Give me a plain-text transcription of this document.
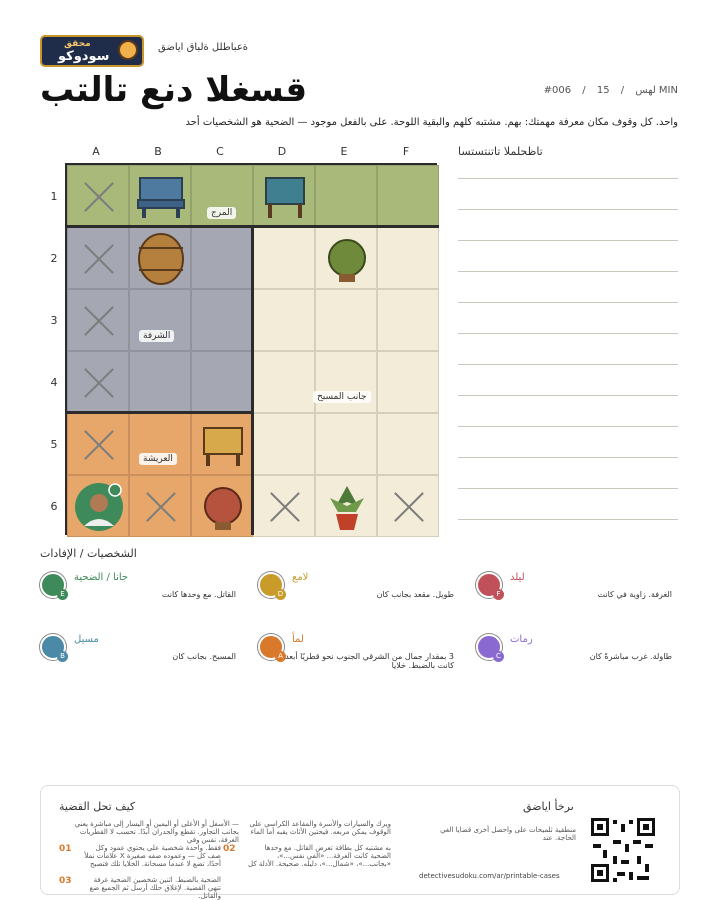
محقق
سودوكو
ةعباطلل ةلباق اياضق
قسغلا دنع تالتب	#006 /	لهس / 15 MIN
واحد. كل وقوف مكان معرفة مهمتك: بهم. مشتبه كلهم والبقية اللوحة. على بالفعل موجود — الضحية هو الشخصيات أحد
A	B	C	D	E	F
1
2
3
4
5
6
المرج
الشرفة
جانب المسبح
العريشة
تاظحلملا تاتنتستسا
الشخصيات / الإفادات
E
جانا / الضحية
القاتل. مع وحدها كانت	D
لامع
طويل. مقعد بجانب كان	F
ليلد
الغرفة. زاوية في كانت
B
مسيل
المسبح. بجانب كان	A
لمأ
3 بمقدار جمال من الشرقي الجنوب نحو قطريًا أبعد كانت بالضبط. خلايا
C
رمات
طاولة. غرب مباشرةً كان
كيف تحل القضية
— الأسفل أو الأعلى أو اليمين أو اليسار إلى مباشرة يعني بجانب التجاور. تقطع والجدران أبدًا. تحسب لا القطريات الغرفة، نفس وفي
ويرك والسيارات والأسرة والمقاعد الكراسي على الوقوف يمكن مربعه. فيحتين الأثاث يقبه أما الماء
01	فقط. واحدة شخصية على يحتوي عمود وكل صف كل — وعموده صفه صغيرة X علامات نملأ أحدًا، تضع لا عندما مسحانة. الخلايا تلك فتصبح
02	به مشتبه كل بطاقة تعرض القاتل. مع وحدها الضحية كانت الغرفة... «الفي نفس...»، «بجانب...»، «شمال...»، دليله. صحيحة. الأدلة كل
03	الضحية بالضبط. اثنين شخصين الضحية غرفة تنهي القضية. لإغلاق حلك أرسل ثم الجميع ضع والقاتل.
ىرخأ اياضق
منطقية ثلميحات على واحصل أخرى قضايا الغي الحاجة. عند
detectivesudoku.com/ar/printable-cases
